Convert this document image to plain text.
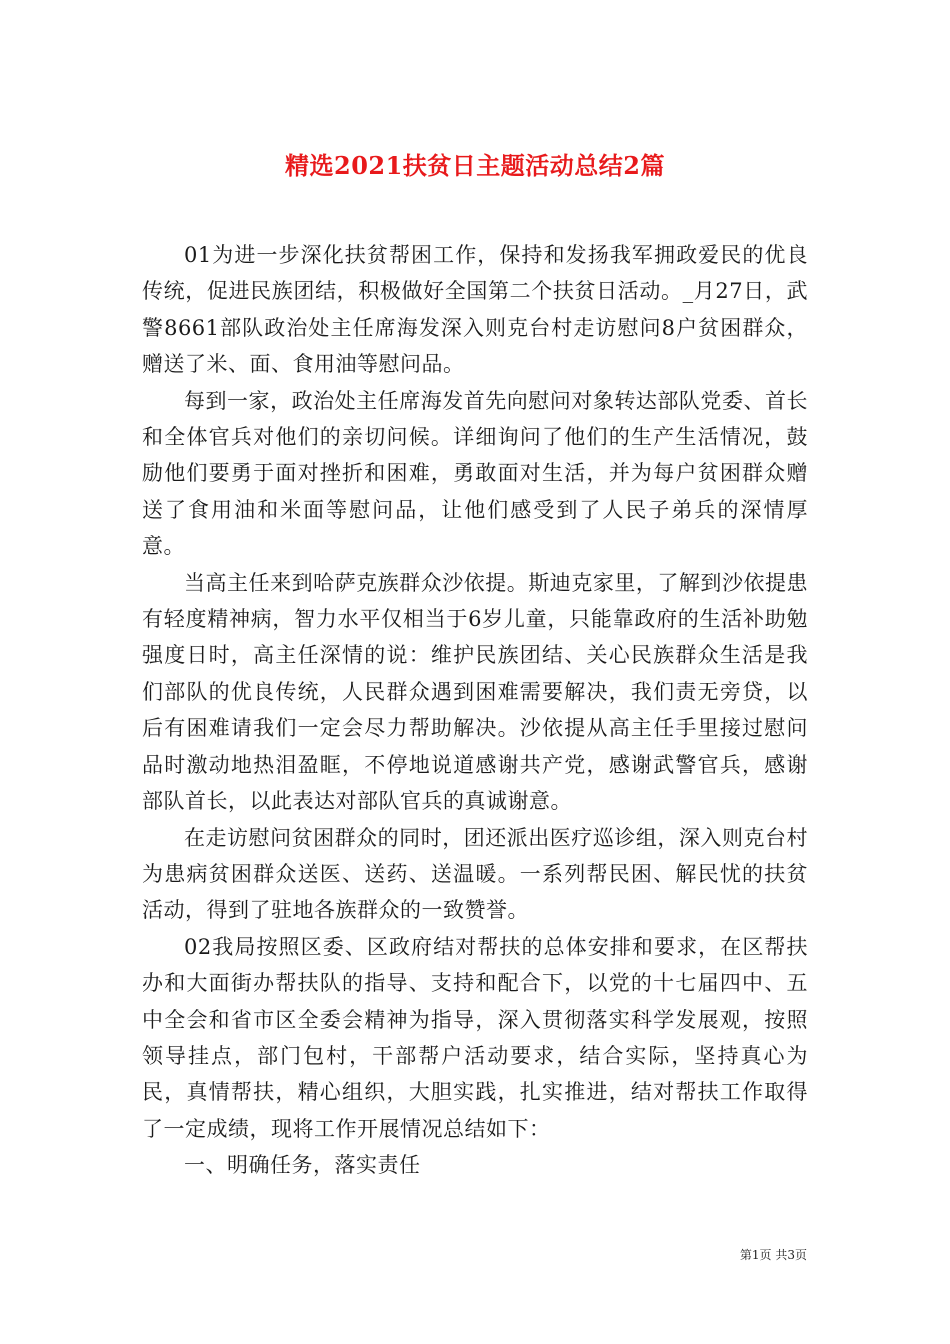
精选2021扶贫日主题活动总结2篇

01为进一步深化扶贫帮困工作，保持和发扬我军拥政爱民的优良传统，促进民族团结，积极做好全国第二个扶贫日活动。_月27日，武警8661部队政治处主任席海发深入则克台村走访慰问8户贫困群众，赠送了米、面、食用油等慰问品。

每到一家，政治处主任席海发首先向慰问对象转达部队党委、首长和全体官兵对他们的亲切问候。详细询问了他们的生产生活情况，鼓励他们要勇于面对挫折和困难，勇敢面对生活，并为每户贫困群众赠送了食用油和米面等慰问品，让他们感受到了人民子弟兵的深情厚意。

当高主任来到哈萨克族群众沙依提。斯迪克家里，了解到沙依提患有轻度精神病，智力水平仅相当于6岁儿童，只能靠政府的生活补助勉强度日时，高主任深情的说：维护民族团结、关心民族群众生活是我们部队的优良传统，人民群众遇到困难需要解决，我们责无旁贷，以后有困难请我们一定会尽力帮助解决。沙依提从高主任手里接过慰问品时激动地热泪盈眶，不停地说道感谢共产党，感谢武警官兵，感谢部队首长，以此表达对部队官兵的真诚谢意。

在走访慰问贫困群众的同时，团还派出医疗巡诊组，深入则克台村为患病贫困群众送医、送药、送温暖。一系列帮民困、解民忧的扶贫活动，得到了驻地各族群众的一致赞誉。

02我局按照区委、区政府结对帮扶的总体安排和要求，在区帮扶办和大面街办帮扶队的指导、支持和配合下，以党的十七届四中、五中全会和省市区全委会精神为指导，深入贯彻落实科学发展观，按照领导挂点，部门包村，干部帮户活动要求，结合实际，坚持真心为民，真情帮扶，精心组织，大胆实践，扎实推进，结对帮扶工作取得了一定成绩，现将工作开展情况总结如下：

一、明确任务，落实责任

第1页 共3页
